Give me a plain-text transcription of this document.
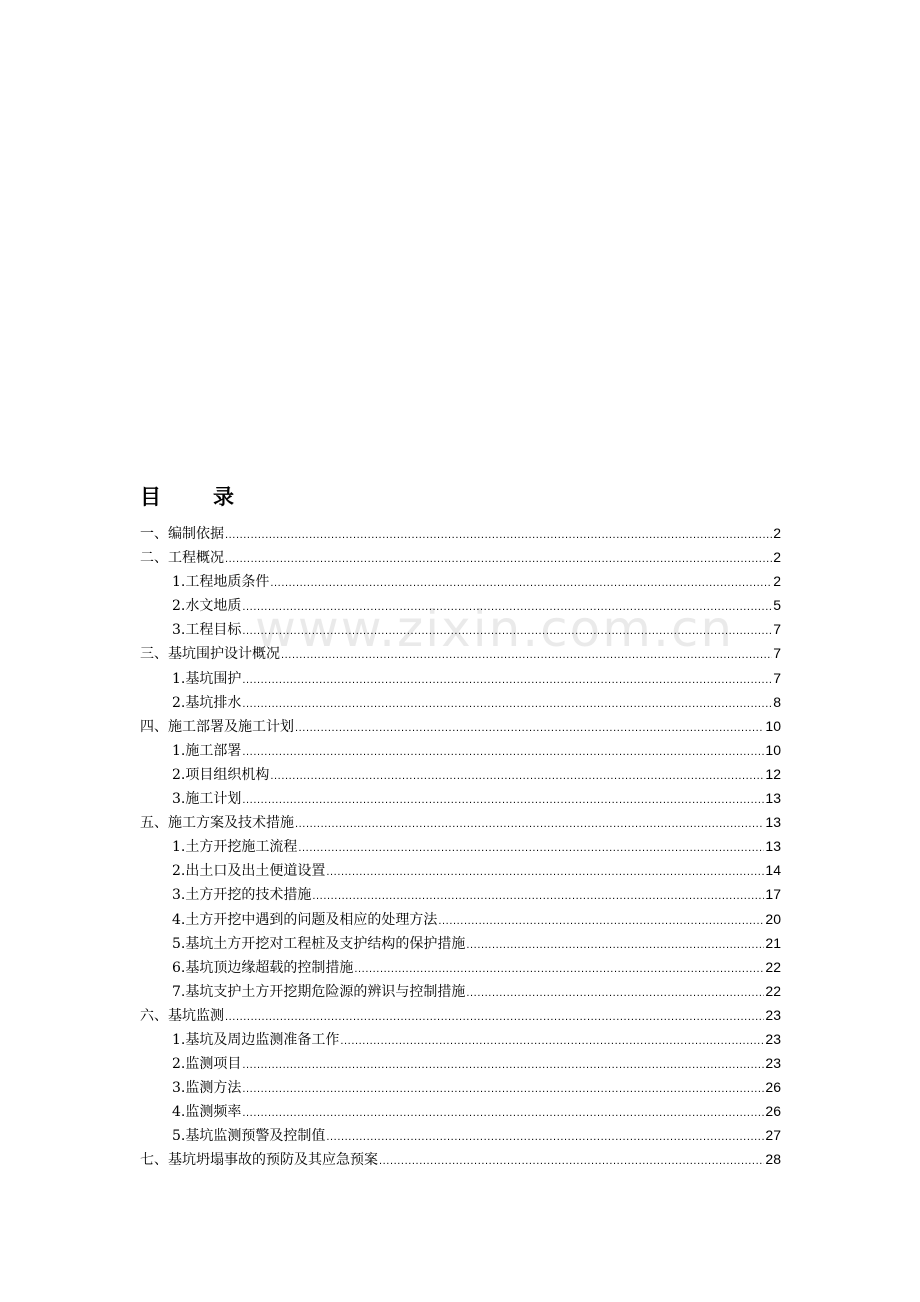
www.zixin.com.cn
目 录
一、编制依据 .....	2
二、工程概况 .....	2
1.工程地质条件 .....	2
2.水文地质 .....	5
3.工程目标 .....	7
三、基坑围护设计概况 .....	7
1.基坑围护 .....	7
2.基坑排水 .....	8
四、施工部署及施工计划 .....	10
1.施工部署 .....	10
2.项目组织机构 .....	12
3.施工计划 .....	13
五、施工方案及技术措施 .....	13
1.土方开挖施工流程 .....	13
2.出土口及出土便道设置 .....	14
3.土方开挖的技术措施 .....	17
4.土方开挖中遇到的问题及相应的处理方法 .....	20
5.基坑土方开挖对工程桩及支护结构的保护措施 .....	21
6.基坑顶边缘超载的控制措施 .....	22
7.基坑支护土方开挖期危险源的辨识与控制措施 .....	22
六、基坑监测 .....	23
1.基坑及周边监测准备工作 .....	23
2.监测项目 .....	23
3.监测方法 .....	26
4.监测频率 .....	26
5.基坑监测预警及控制值 .....	27
七、基坑坍塌事故的预防及其应急预案 .....	28
